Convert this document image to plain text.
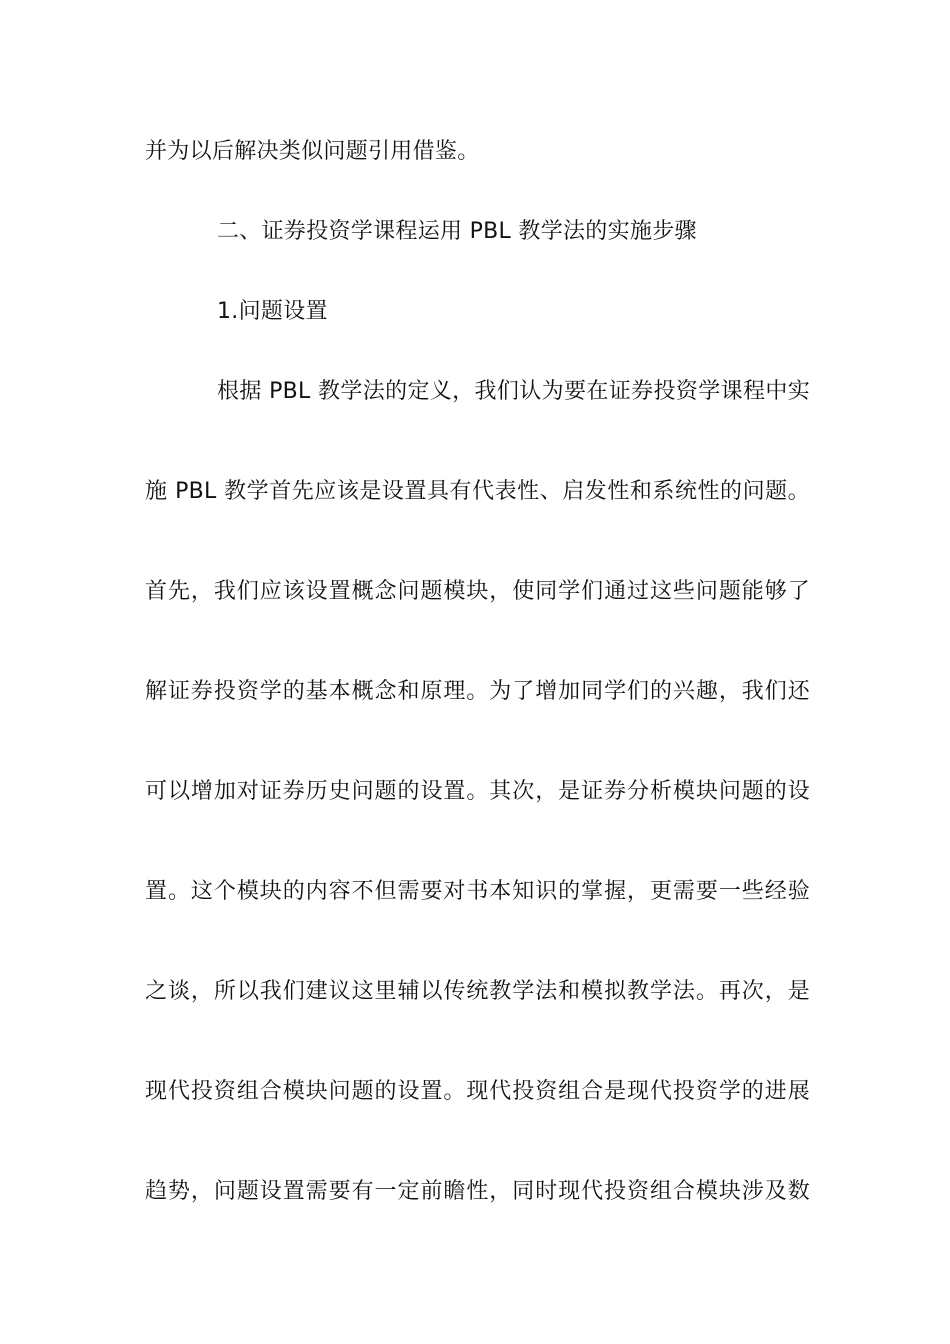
并为以后解决类似问题引用借鉴。
二、证券投资学课程运用 PBL 教学法的实施步骤
1.问题设置
根据 PBL 教学法的定义，我们认为要在证券投资学课程中实
施 PBL 教学首先应该是设置具有代表性、启发性和系统性的问题。
首先，我们应该设置概念问题模块，使同学们通过这些问题能够了
解证券投资学的基本概念和原理。为了增加同学们的兴趣，我们还
可以增加对证券历史问题的设置。其次，是证券分析模块问题的设
置。这个模块的内容不但需要对书本知识的掌握，更需要一些经验
之谈，所以我们建议这里辅以传统教学法和模拟教学法。再次，是
现代投资组合模块问题的设置。现代投资组合是现代投资学的进展
趋势，问题设置需要有一定前瞻性，同时现代投资组合模块涉及数
